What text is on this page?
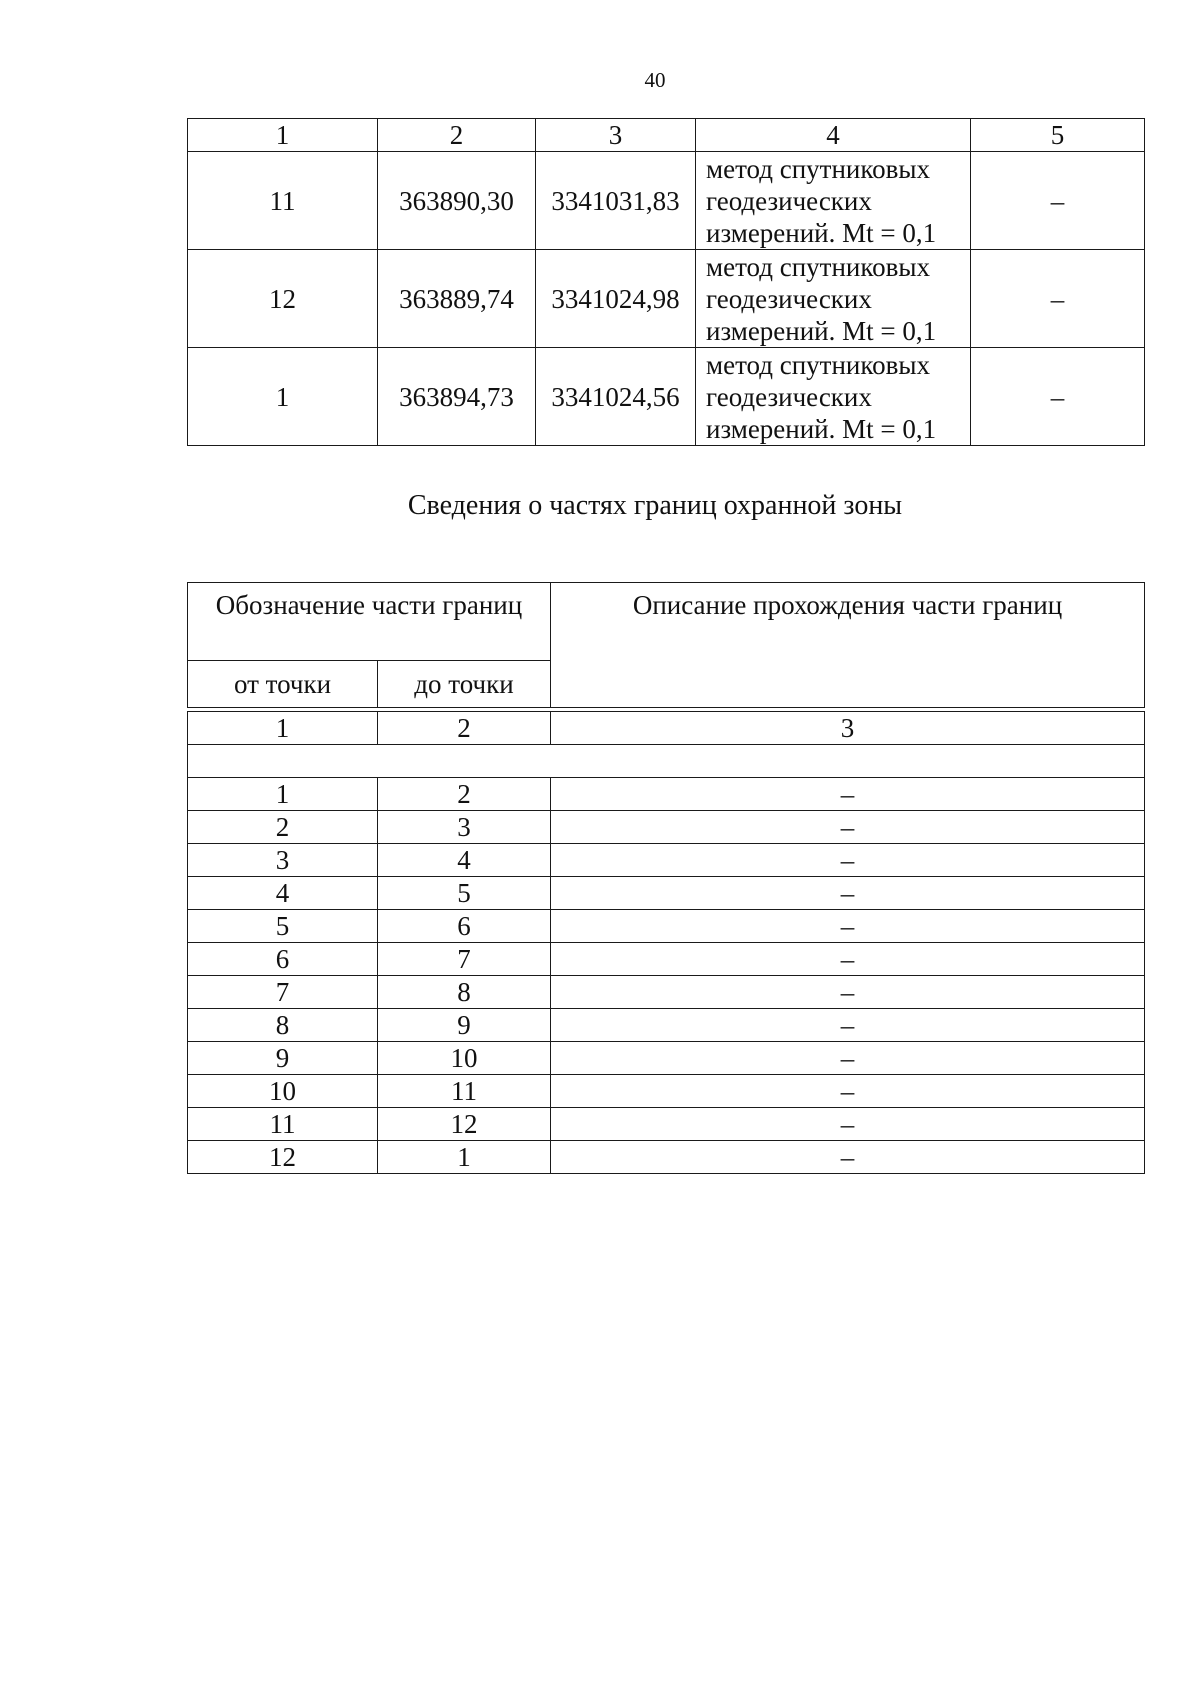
40
1	2	3	4	5
11	363890,30	3341031,83	метод спутниковых
геодезических
измерений. Mt = 0,1	–
12	363889,74	3341024,98	метод спутниковых
геодезических
измерений. Mt = 0,1	–
1	363894,73	3341024,56	метод спутниковых
геодезических
измерений. Mt = 0,1	–
Сведения о частях границ охранной зоны
Обозначение части границ		Описание прохождения части границ
от точки	до точки	

1	2	3

1	2	–
2	3	–
3	4	–
4	5	–
5	6	–
6	7	–
7	8	–
8	9	–
9	10	–
10	11	–
11	12	–
12	1	–
